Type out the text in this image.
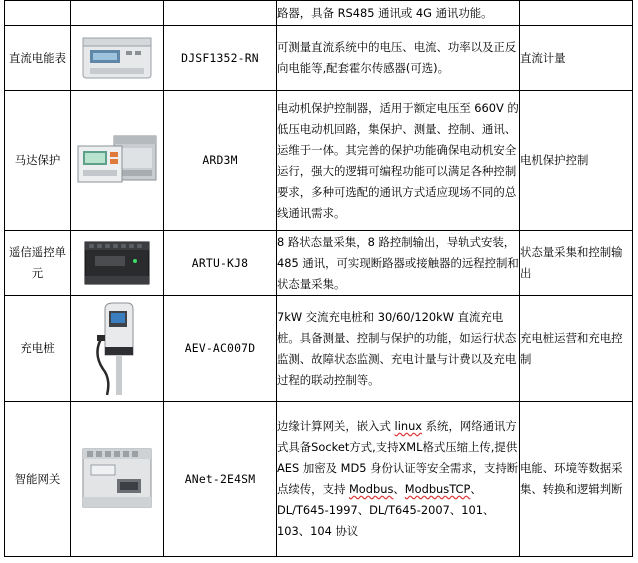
			路器，具备 RS485 通讯或 4G 通讯功能。	
直流电能表		DJSF1352-RN	可测量直流系统中的电压、电流、功率以及正反向电能等,配套霍尔传感器(可选)。	直流计量
马达保护		ARD3M	电动机保护控制器，适用于额定电压至 660V 的低压电动机回路，集保护、测量、控制、通讯、运维于一体。其完善的保护功能确保电动机安全运行，强大的逻辑可编程功能可以满足各种控制要求，多种可选配的通讯方式适应现场不同的总线通讯需求。	电机保护控制
遥信遥控单元		ARTU-KJ8	8 路状态量采集，8 路控制输出，导轨式安装，485 通讯，可实现断路器或接触器的远程控制和状态量采集。	状态量采集和控制输出
充电桩		AEV-AC007D	7kW 交流充电桩和 30/60/120kW 直流充电桩。具备测量、控制与保护的功能，如运行状态监测、故障状态监测、充电计量与计费以及充电过程的联动控制等。	充电桩运营和充电控制
智能网关		ANet-2E4SM	边缘计算网关，嵌入式 linux 系统，网络通讯方式具备Socket方式,支持XML格式压缩上传,提供 AES 加密及 MD5 身份认证等安全需求，支持断点续传，支持 Modbus、ModbusTCP、DL/T645-1997、DL/T645-2007、101、103、104 协议	电能、环境等数据采集、转换和逻辑判断
